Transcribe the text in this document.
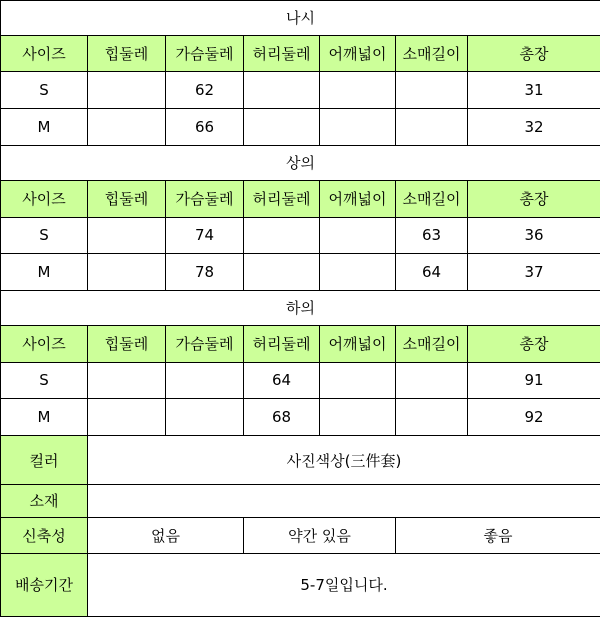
나시						
사이즈	힙둘레	가슴둘레	허리둘레	어깨넓이	소매길이	총장
S		62				31
M		66				32
상의						
사이즈	힙둘레	가슴둘레	허리둘레	어깨넓이	소매길이	총장
S		74			63	36
M		78			64	37
하의						
사이즈	힙둘레	가슴둘레	허리둘레	어깨넓이	소매길이	총장
S			64			91
M			68			92
컬러	사진색상(三件套)					
소재						
신축성	없음		약간 있음		좋음	
배송기간	5-7일입니다.					
